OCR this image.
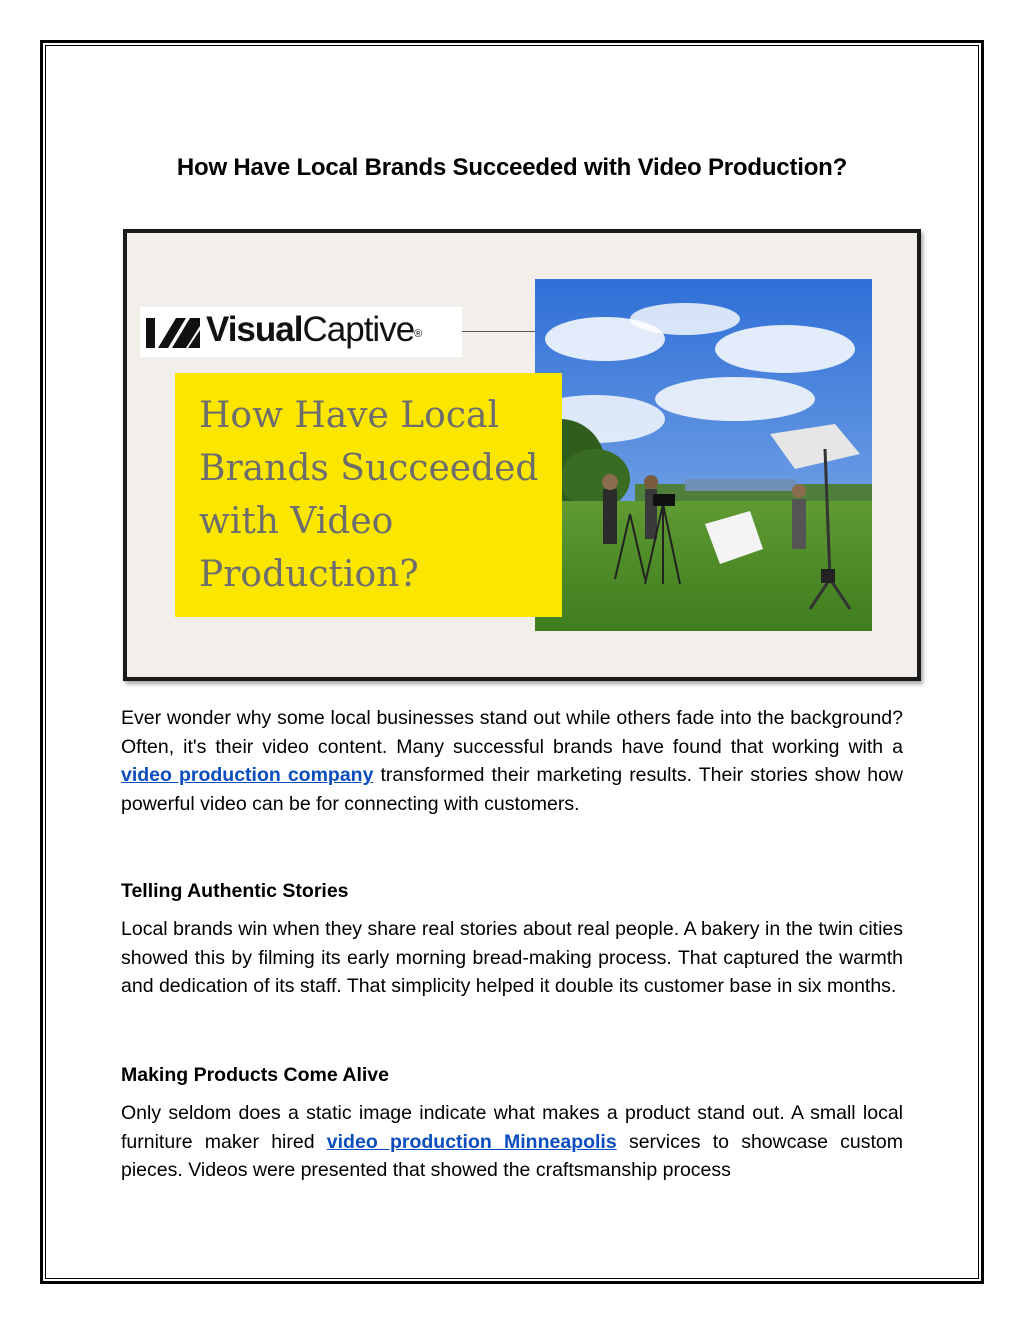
How Have Local Brands Succeeded with Video Production?
VisualCaptive®
How Have Local
Brands Succeeded
with Video
Production?
Ever wonder why some local businesses stand out while others fade into the background? Often, it's their video content. Many successful brands have found that working with a video production company transformed their marketing results. Their stories show how powerful video can be for connecting with customers.
Telling Authentic Stories
Local brands win when they share real stories about real people. A bakery in the twin cities showed this by filming its early morning bread-making process. That captured the warmth and dedication of its staff. That simplicity helped it double its customer base in six months.
Making Products Come Alive
Only seldom does a static image indicate what makes a product stand out. A small local furniture maker hired video production Minneapolis services to showcase custom pieces. Videos were presented that showed the craftsmanship process
